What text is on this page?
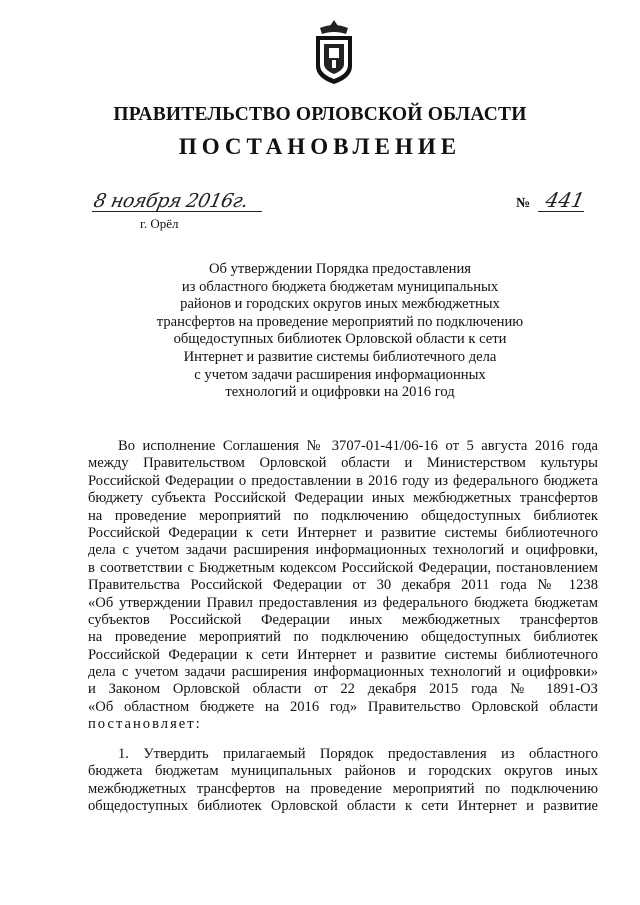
ПРАВИТЕЛЬСТВО ОРЛОВСКОЙ ОБЛАСТИ
ПОСТАНОВЛЕНИЕ
8 ноября 2016г.
г. Орёл
№ 441
Об утверждении Порядка предоставления
из областного бюджета бюджетам муниципальных
районов и городских округов иных межбюджетных
трансфертов на проведение мероприятий по подключению
общедоступных библиотек Орловской области к сети
Интернет и развитие системы библиотечного дела
с учетом задачи расширения информационных
технологий и оцифровки на 2016 год
Во исполнение Соглашения № 3707-01-41/06-16 от 5 августа 2016 года
между Правительством Орловской области и Министерством культуры
Российской Федерации о предоставлении в 2016 году из федерального бюджета
бюджету субъекта Российской Федерации иных межбюджетных трансфертов
на проведение мероприятий по подключению общедоступных библиотек
Российской Федерации к сети Интернет и развитие системы библиотечного
дела с учетом задачи расширения информационных технологий и оцифровки,
в соответствии с Бюджетным кодексом Российской Федерации, постановлением
Правительства Российской Федерации от 30 декабря 2011 года № 1238
«Об утверждении Правил предоставления из федерального бюджета бюджетам
субъектов Российской Федерации иных межбюджетных трансфертов
на проведение мероприятий по подключению общедоступных библиотек
Российской Федерации к сети Интернет и развитие системы библиотечного
дела с учетом задачи расширения информационных технологий и оцифровки»
и Законом Орловской области от 22 декабря 2015 года № 1891-ОЗ
«Об областном бюджете на 2016 год» Правительство Орловской области
постановляет:
1. Утвердить прилагаемый Порядок предоставления из областного
бюджета бюджетам муниципальных районов и городских округов иных
межбюджетных трансфертов на проведение мероприятий по подключению
общедоступных библиотек Орловской области к сети Интернет и развитие
